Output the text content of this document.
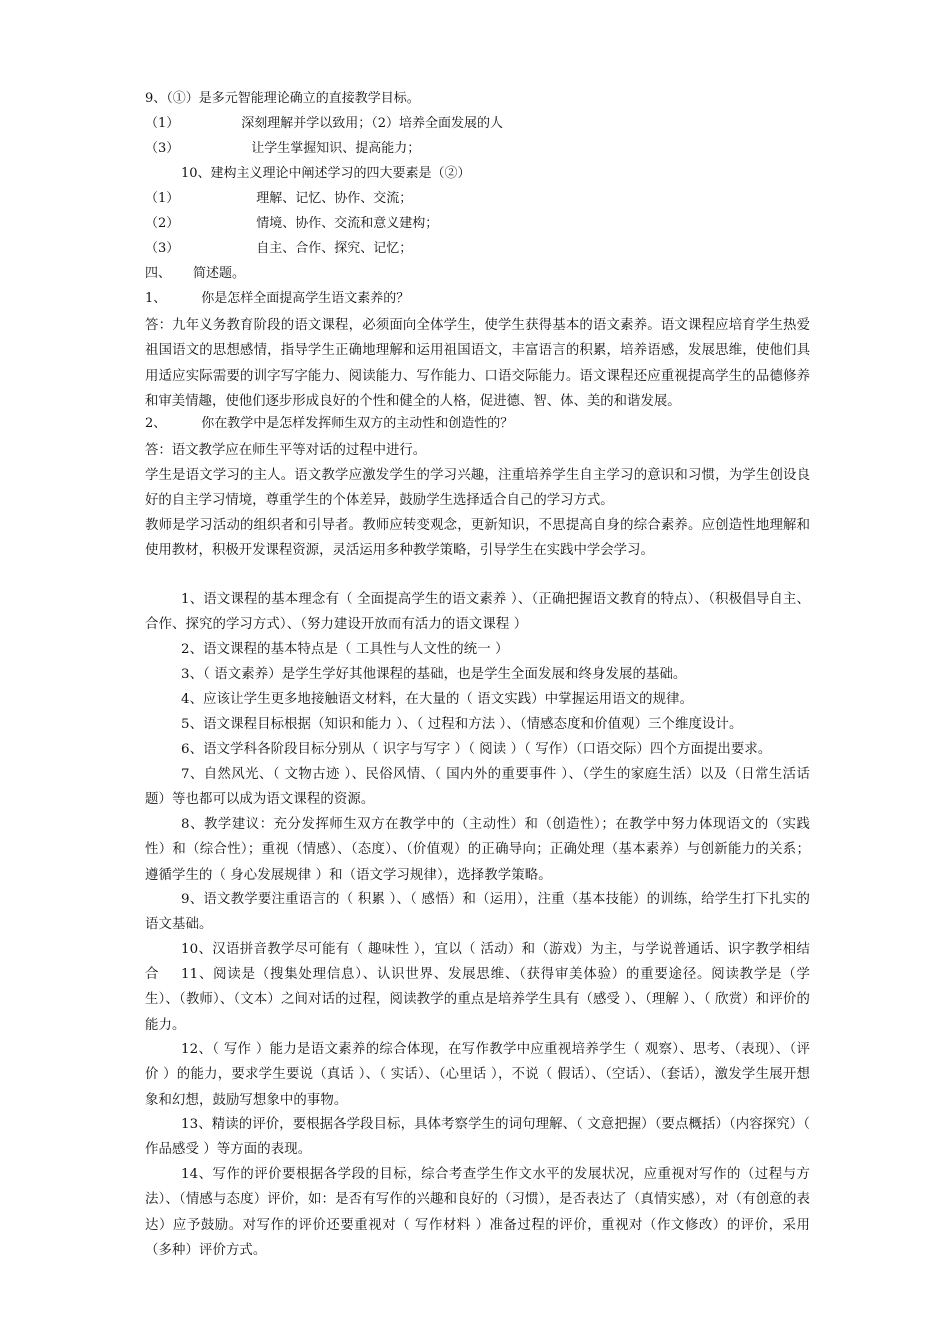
9、（①）是多元智能理论确立的直接教学目标。
（1）	深刻理解并学以致用；（2）培养全面发展的人
（3）	让学生掌握知识、提高能力；
10、建构主义理论中阐述学习的四大要素是（②）
（1）	理解、记忆、协作、交流；
（2）	情境、协作、交流和意义建构；
（3）	自主、合作、探究、记忆；
四、 简述题。
1、	你是怎样全面提高学生语文素养的？
答：九年义务教育阶段的语文课程，必须面向全体学生，使学生获得基本的语文素养。语文课程应培育学生热爱祖国语文的思想感情，指导学生正确地理解和运用祖国语文，丰富语言的积累，培养语感，发展思维，使他们具用适应实际需要的训字写字能力、阅读能力、写作能力、口语交际能力。语文课程还应重视提高学生的品德修养和审美情趣，使他们逐步形成良好的个性和健全的人格，促进德、智、体、美的和谐发展。
2、	你在教学中是怎样发挥师生双方的主动性和创造性的？
答：语文教学应在师生平等对话的过程中进行。
学生是语文学习的主人。语文教学应激发学生的学习兴趣，注重培养学生自主学习的意识和习惯，为学生创设良好的自主学习情境，尊重学生的个体差异，鼓励学生选择适合自己的学习方式。
教师是学习活动的组织者和引导者。教师应转变观念，更新知识，不思提高自身的综合素养。应创造性地理解和使用教材，积极开发课程资源，灵活运用多种教学策略，引导学生在实践中学会学习。
1、语文课程的基本理念有（ 全面提高学生的语文素养 ）、（正确把握语文教育的特点）、（积极倡导自主、合作、探究的学习方式）、（努力建设开放而有活力的语文课程 ）
2、语文课程的基本特点是（ 工具性与人文性的统一 ）
3、（ 语文素养）是学生学好其他课程的基础，也是学生全面发展和终身发展的基础。
4、应该让学生更多地接触语文材料，在大量的（ 语文实践）中掌握运用语文的规律。
5、语文课程目标根据（知识和能力 ）、（ 过程和方法 ）、（情感态度和价值观）三个维度设计。
6、语文学科各阶段目标分别从（ 识字与写字 ）（ 阅读 ）（ 写作）（口语交际）四个方面提出要求。
7、自然风光、（ 文物古迹 ）、民俗风情、（ 国内外的重要事件 ）、（学生的家庭生活）以及（日常生活话题）等也都可以成为语文课程的资源。
8、教学建议：充分发挥师生双方在教学中的（主动性）和（创造性）；在教学中努力体现语文的（实践性）和（综合性）；重视（情感）、（态度）、（价值观）的正确导向；正确处理（基本素养）与创新能力的关系；遵循学生的（ 身心发展规律 ）和（语文学习规律），选择教学策略。
9、语文教学要注重语言的（ 积累 ）、（ 感悟）和（运用），注重（基本技能）的训练，给学生打下扎实的语文基础。
10、汉语拼音教学尽可能有（ 趣味性 ），宜以（ 活动）和（游戏）为主，与学说普通话、识字教学相结合	11、阅读是（搜集处理信息）、认识世界、发展思维、（获得审美体验）的重要途径。阅读教学是（学生）、（教师）、（文本）之间对话的过程，阅读教学的重点是培养学生具有（感受 ）、（理解 ）、（ 欣赏）和评价的能力。
12、（ 写作 ）能力是语文素养的综合体现，在写作教学中应重视培养学生（ 观察）、思考、（表现）、（评价 ）的能力，要求学生要说（真话 ）、（ 实话）、（心里话 ），不说（ 假话）、（空话）、（套话），激发学生展开想象和幻想，鼓励写想象中的事物。
13、精读的评价，要根据各学段目标，具体考察学生的词句理解、（ 文意把握）（要点概括）（内容探究）（ 作品感受 ）等方面的表现。
14、写作的评价要根据各学段的目标，综合考查学生作文水平的发展状况，应重视对写作的（过程与方法）、（情感与态度）评价，如：是否有写作的兴趣和良好的（习惯），是否表达了（真情实感），对（有创意的表达）应予鼓励。对写作的评价还要重视对（ 写作材料 ）准备过程的评价，重视对（作文修改）的评价，采用（多种）评价方式。
